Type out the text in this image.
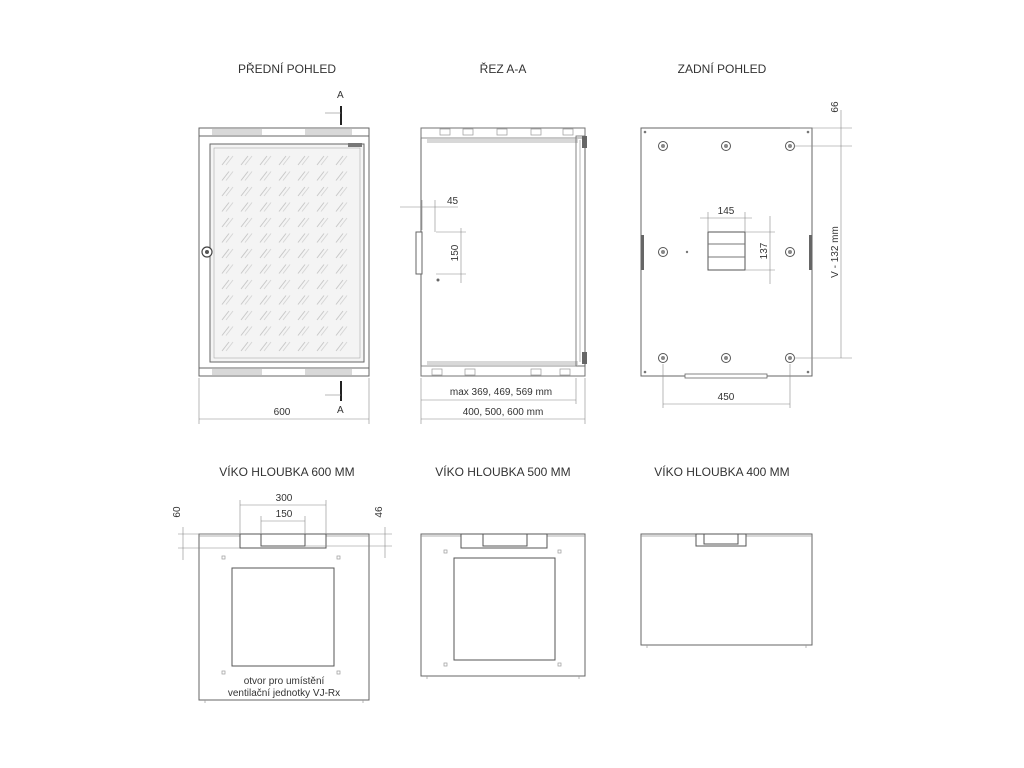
PŘEDNÍ POHLED	ŘEZ A-A	ZADNÍ POHLED
VÍKO HLOUBKA 600 MM	VÍKO HLOUBKA 500 MM	VÍKO HLOUBKA 400 MM
A
A
600
45
150
max 369, 469, 569 mm
400, 500, 600 mm
145
137
66
V - 132 mm
450
300
150
60	46
otvor pro umístění
ventilační jednotky VJ-Rx
